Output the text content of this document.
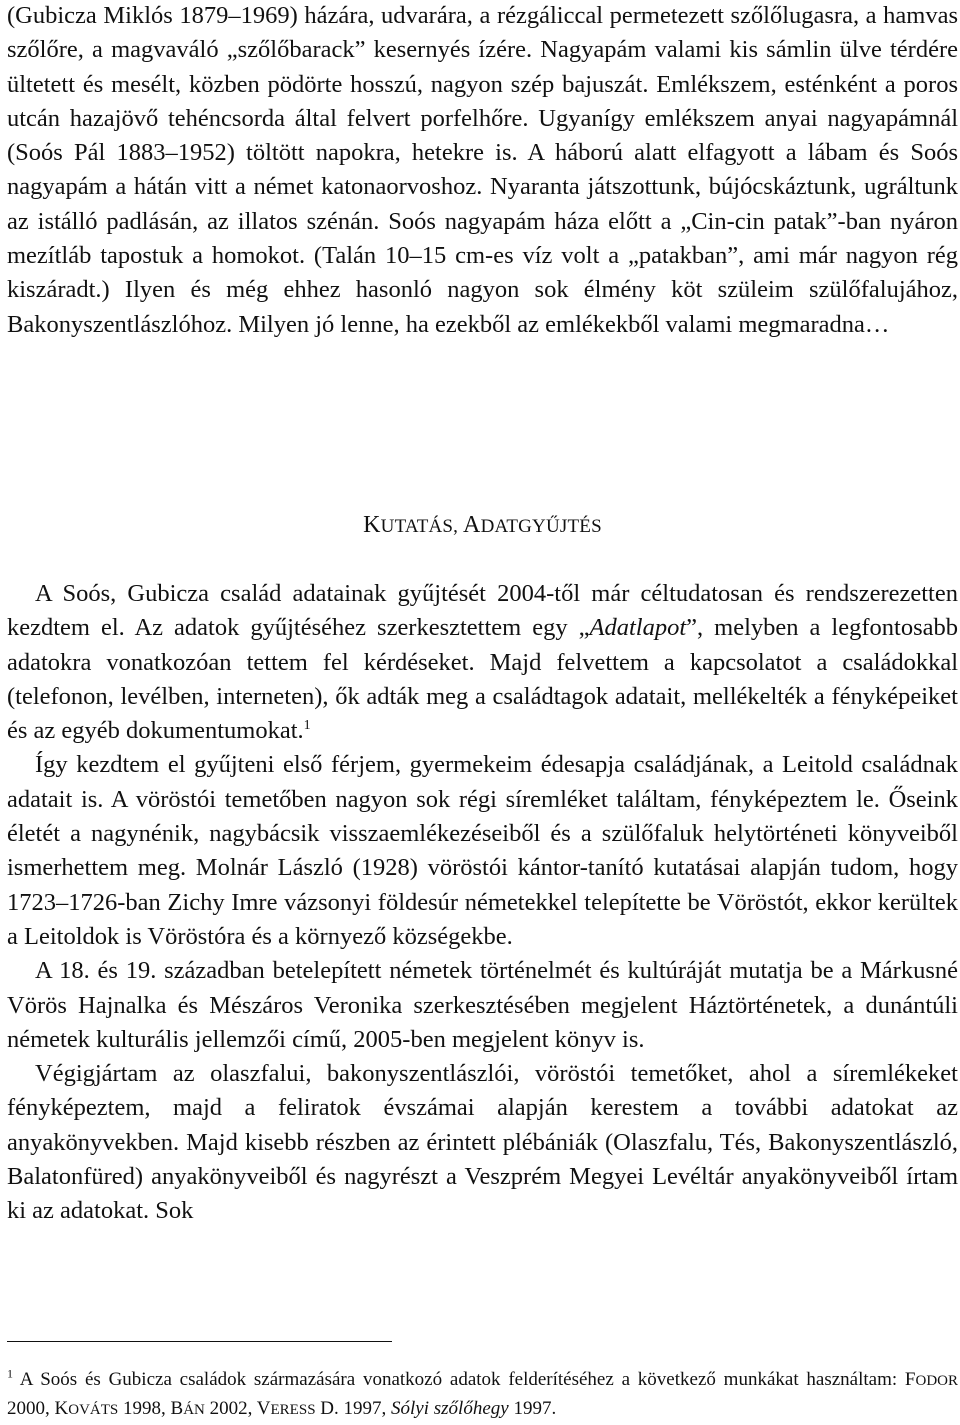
(Gubicza Miklós 1879–1969) házára, udvarára, a rézgáliccal permetezett szőlőlugasra, a hamvas szőlőre, a magvaváló „szőlőbarack” kesernyés ízére. Nagyapám valami kis sámlin ülve térdére ültetett és mesélt, közben pödörte hosszú, nagyon szép bajuszát. Emlékszem, esténként a poros utcán hazajövő tehéncsorda által felvert porfelhőre. Ugyanígy emlékszem anyai nagyapámnál (Soós Pál 1883–1952) töltött napokra, hetekre is. A háború alatt elfagyott a lábam és Soós nagyapám a hátán vitt a német katonaorvoshoz. Nyaranta játszottunk, bújócskáztunk, ugráltunk az istálló padlásán, az illatos szénán. Soós nagyapám háza előtt a „Cin-cin patak”-ban nyáron mezítláb tapostuk a homokot. (Talán 10–15 cm-es víz volt a „patakban”, ami már nagyon rég kiszáradt.) Ilyen és még ehhez hasonló nagyon sok élmény köt szüleim szülőfalujához, Bakonyszentlászlóhoz. Milyen jó lenne, ha ezekből az emlékekből valami megmaradna…

KUTATÁS, ADATGYŰJTÉS

A Soós, Gubicza család adatainak gyűjtését 2004-től már céltudatosan és rendszerezetten kezdtem el. Az adatok gyűjtéséhez szerkesztettem egy „Adatlapot”, melyben a legfontosabb adatokra vonatkozóan tettem fel kérdéseket. Majd felvettem a kapcsolatot a családokkal (telefonon, levélben, interneten), ők adták meg a családtagok adatait, mellékelték a fényképeiket és az egyéb dokumentumokat.$^1$

Így kezdtem el gyűjteni első férjem, gyermekeim édesapja családjának, a Leitold családnak adatait is. A vöröstói temetőben nagyon sok régi síremléket találtam, fényképeztem le. Őseink életét a nagynénik, nagybácsik visszaemlékezéseiből és a szülőfaluk helytörténeti könyveiből ismerhettem meg. Molnár László (1928) vöröstói kántor-tanító kutatásai alapján tudom, hogy 1723–1726-ban Zichy Imre vázsonyi földesúr németekkel telepítette be Vöröstót, ekkor kerültek a Leitoldok is Vöröstóra és a környező községekbe.

A 18. és 19. században betelepített németek történelmét és kultúráját mutatja be a Márkusné Vörös Hajnalka és Mészáros Veronika szerkesztésében megjelent Háztörténetek, a dunántúli németek kulturális jellemzői című, 2005-ben megjelent könyv is.

Végigjártam az olaszfalui, bakonyszentlászlói, vöröstói temetőket, ahol a síremlékeket fényképeztem, majd a feliratok évszámai alapján kerestem a további adatokat az anyakönyvekben. Majd kisebb részben az érintett plébániák (Olaszfalu, Tés, Bakonyszentlászló, Balatonfüred) anyakönyveiből és nagyrészt a Veszprém Megyei Levéltár anyakönyveiből írtam ki az adatokat. Sok

$^1$ A Soós és Gubicza családok származására vonatkozó adatok felderítéséhez a következő munkákat használtam: FODOR 2000, KOVÁTS 1998, BÁN 2002, VERESS D. 1997, Sólyi szőlőhegy 1997.
